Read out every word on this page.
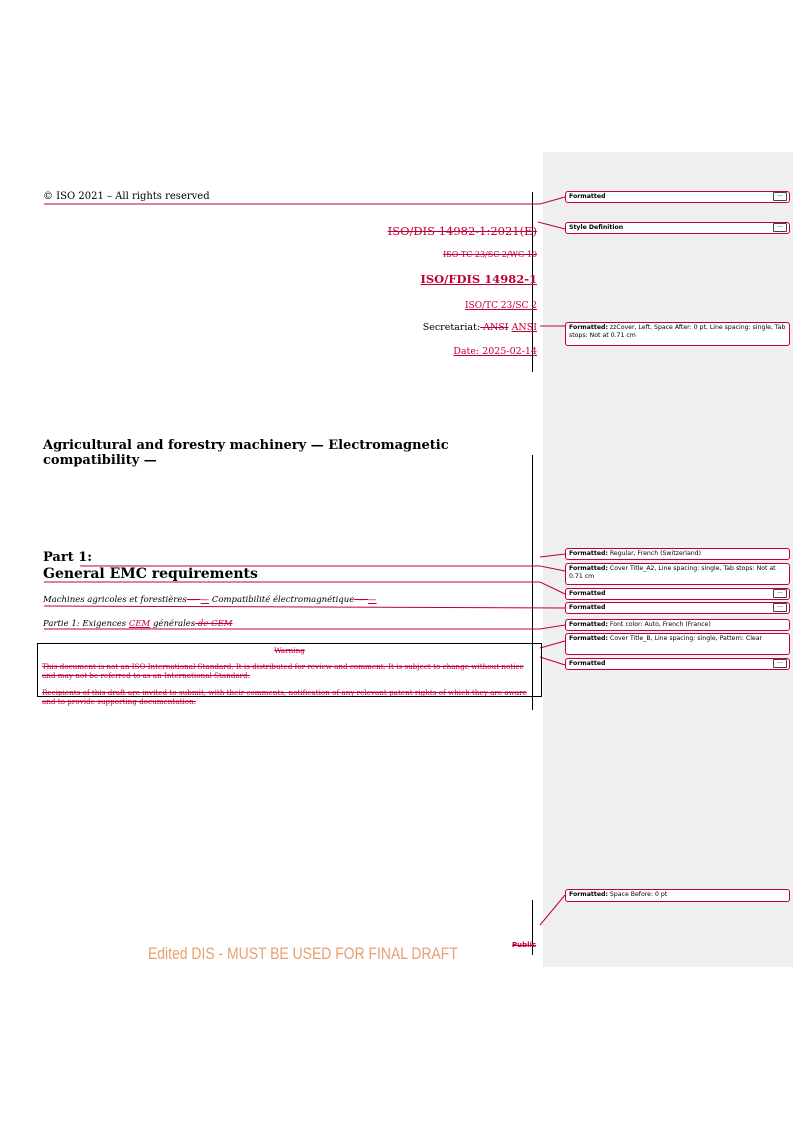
© ISO 2021 – All rights reserved
ISO/DIS 14982-1:2021(E)
ISO TC 23/SC 2/WG 10
ISO/FDIS 14982-1
ISO/TC 23/SC 2
Secretariat: ANSI ANSI
Date: 2025-02-14
Agricultural and forestry machinery — Electromagnetic compatibility —
Part 1:
General EMC requirements
Machines agricoles et forestières — — Compatibilité électromagnétique — —
Partie 1: Exigences CEM générales de CEM
Warning
This document is not an ISO International Standard. It is distributed for review and comment. It is subject to change without notice and may not be referred to as an International Standard.
Recipients of this draft are invited to submit, with their comments, notification of any relevant patent rights of which they are aware and to provide supporting documentation.
Formatted	...
Style Definition	...
Formatted: zzCover, Left, Space After: 0 pt, Line spacing: single, Tab stops: Not at 0.71 cm
Formatted: Regular, French (Switzerland)
Formatted: Cover Title_A2, Line spacing: single, Tab stops: Not at 0.71 cm
Formatted	...
Formatted	...
Formatted: Font color: Auto, French (France)
Formatted: Cover Title_B, Line spacing: single, Pattern: Clear
Formatted	...
Formatted: Space Before: 0 pt
Public
Edited DIS - MUST BE USED FOR FINAL DRAFT
